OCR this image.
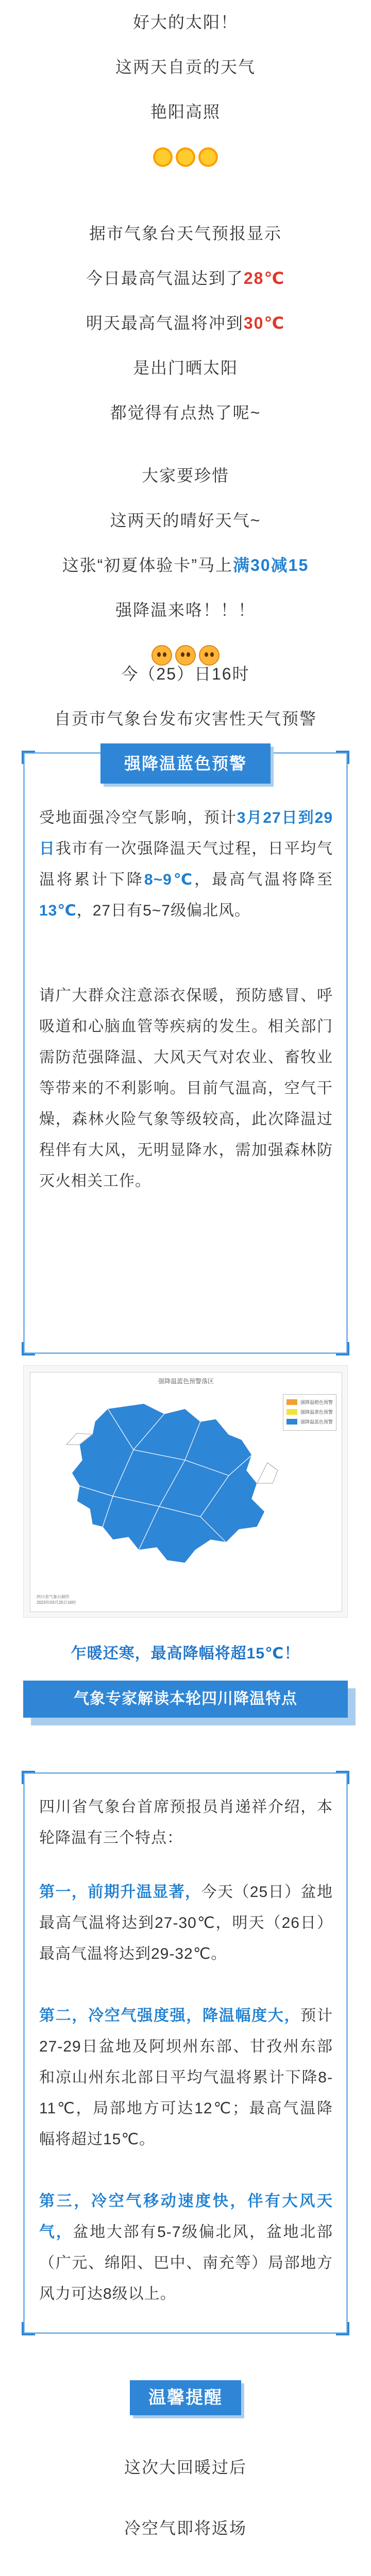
好大的太阳！
这两天自贡的天气
艳阳高照
据市气象台天气预报显示
今日最高气温达到了28℃
明天最高气温将冲到30℃
是出门晒太阳
都觉得有点热了呢~
大家要珍惜
这两天的晴好天气~
这张“初夏体验卡”马上满30减15
强降温来咯！！！
今（25）日16时
自贡市气象台发布灾害性天气预警
强降温蓝色预警
受地面强冷空气影响，预计3月27日到29日我市有一次强降温天气过程，日平均气温将累计下降8~9℃，最高气温将降至13℃，27日有5~7级偏北风。
请广大群众注意添衣保暖，预防感冒、呼吸道和心脑血管等疾病的发生。相关部门需防范强降温、大风天气对农业、畜牧业等带来的不利影响。目前气温高，空气干燥，森林火险气象等级较高，此次降温过程伴有大风，无明显降水，需加强森林防灭火相关工作。
强降温蓝色预警落区
强降温橙色预警
强降温黄色预警
强降温蓝色预警
四川省气象台制作
2023年03月25日16时
乍暖还寒，最高降幅将超15℃！
气象专家解读本轮四川降温特点
四川省气象台首席预报员肖递祥介绍，本轮降温有三个特点：
第一，前期升温显著，今天（25日）盆地最高气温将达到27-30℃，明天（26日）最高气温将达到29-32℃。
第二，冷空气强度强，降温幅度大，预计27-29日盆地及阿坝州东部、甘孜州东部和凉山州东北部日平均气温将累计下降8-11℃，局部地方可达12℃；最高气温降幅将超过15℃。
第三，冷空气移动速度快，伴有大风天气，盆地大部有5-7级偏北风，盆地北部（广元、绵阳、巴中、南充等）局部地方风力可达8级以上。
温馨提醒
这次大回暖过后
冷空气即将返场
